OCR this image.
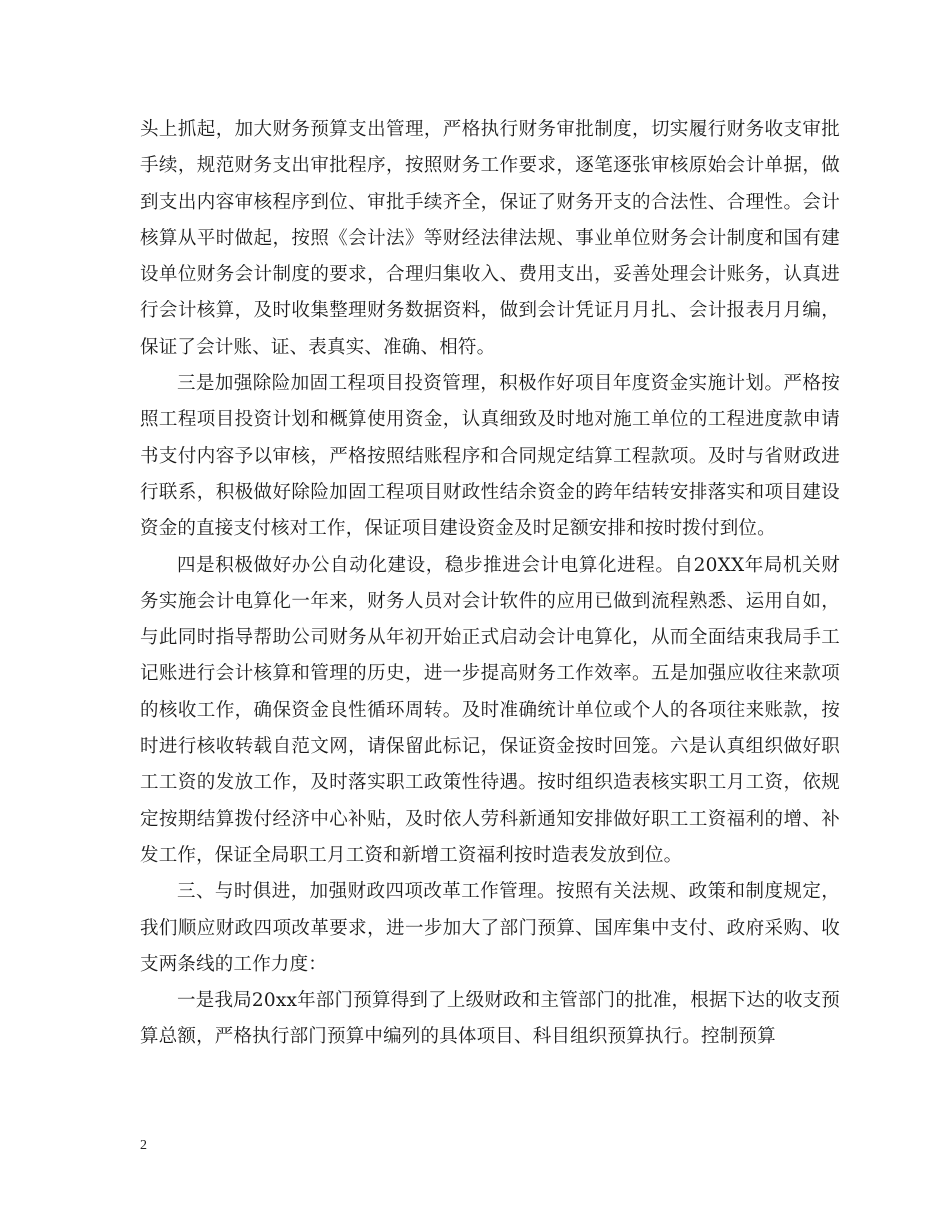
头上抓起，加大财务预算支出管理，严格执行财务审批制度，切实履行财务收支审批手续，规范财务支出审批程序，按照财务工作要求，逐笔逐张审核原始会计单据，做到支出内容审核程序到位、审批手续齐全，保证了财务开支的合法性、合理性。会计核算从平时做起，按照《会计法》等财经法律法规、事业单位财务会计制度和国有建设单位财务会计制度的要求，合理归集收入、费用支出，妥善处理会计账务，认真进行会计核算，及时收集整理财务数据资料，做到会计凭证月月扎、会计报表月月编，保证了会计账、证、表真实、准确、相符。

三是加强除险加固工程项目投资管理，积极作好项目年度资金实施计划。严格按照工程项目投资计划和概算使用资金，认真细致及时地对施工单位的工程进度款申请书支付内容予以审核，严格按照结账程序和合同规定结算工程款项。及时与省财政进行联系，积极做好除险加固工程项目财政性结余资金的跨年结转安排落实和项目建设资金的直接支付核对工作，保证项目建设资金及时足额安排和按时拨付到位。

四是积极做好办公自动化建设，稳步推进会计电算化进程。自20XX年局机关财务实施会计电算化一年来，财务人员对会计软件的应用已做到流程熟悉、运用自如，与此同时指导帮助公司财务从年初开始正式启动会计电算化，从而全面结束我局手工记账进行会计核算和管理的历史，进一步提高财务工作效率。五是加强应收往来款项的核收工作，确保资金良性循环周转。及时准确统计单位或个人的各项往来账款，按时进行核收转载自范文网，请保留此标记，保证资金按时回笼。六是认真组织做好职工工资的发放工作，及时落实职工政策性待遇。按时组织造表核实职工月工资，依规定按期结算拨付经济中心补贴，及时依人劳科新通知安排做好职工工资福利的增、补发工作，保证全局职工月工资和新增工资福利按时造表发放到位。

三、与时俱进，加强财政四项改革工作管理。按照有关法规、政策和制度规定，我们顺应财政四项改革要求，进一步加大了部门预算、国库集中支付、政府采购、收支两条线的工作力度：

一是我局20xx年部门预算得到了上级财政和主管部门的批准，根据下达的收支预算总额，严格执行部门预算中编列的具体项目、科目组织预算执行。控制预算

2
